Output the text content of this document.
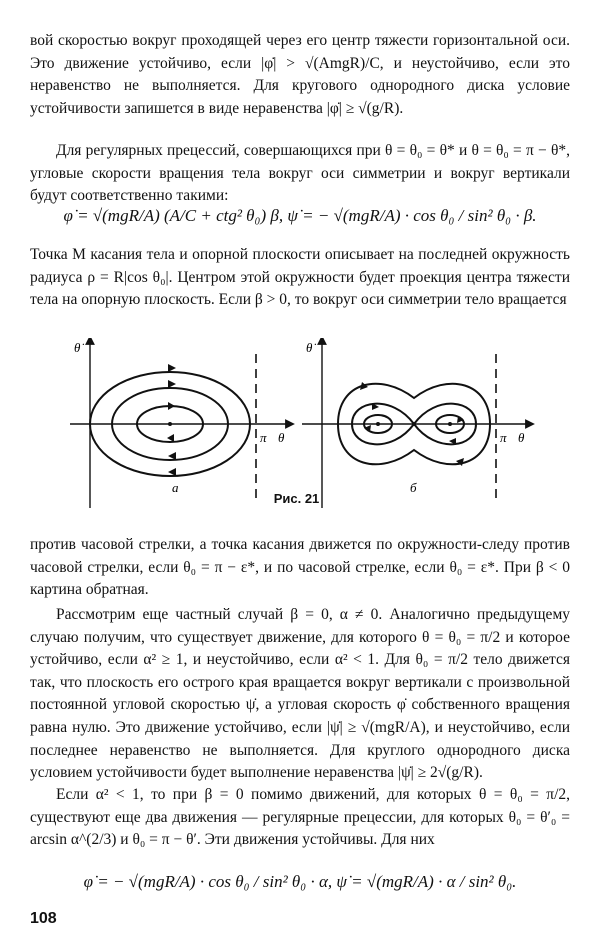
вой скоростью вокруг проходящей через его центр тяжести горизонтальной оси. Это движение устойчиво, если |φ̇| > √(AmgR)/C, и неустойчиво, если это неравенство не выполняется. Для кругового однородного диска условие устойчивости запишется в виде неравенства |φ̇| ≥ √(g/R).

Для регулярных прецессий, совершающихся при θ = θ₀ = θ* и θ = θ₀ = π − θ*, угловые скорости вращения тела вокруг оси симметрии и вокруг вертикали будут соответственно такими:

φ̇ = √(mgR/A) (A/C + ctg² θ₀) β, ψ̇ = − √(mgR/A) · cos θ₀ / sin² θ₀ · β.

Точка M касания тела и опорной плоскости описывает на последней окружность радиуса ρ = R|cos θ₀|. Центром этой окружности будет проекция центра тяжести тела на опорную плоскость. Если β > 0, то вокруг оси симметрии тело вращается

θ̇
π θ
а
θ̇
π θ
б
Рис. 21

против часовой стрелки, а точка касания движется по окружности-следу против часовой стрелки, если θ₀ = π − ε*, и по часовой стрелке, если θ₀ = ε*. При β < 0 картина обратная.

Рассмотрим еще частный случай β = 0, α ≠ 0. Аналогично предыдущему случаю получим, что существует движение, для которого θ = θ₀ = π/2 и которое устойчиво, если α² ≥ 1, и неустойчиво, если α² < 1. Для θ₀ = π/2 тело движется так, что плоскость его острого края вращается вокруг вертикали с произвольной постоянной угловой скоростью ψ̇, а угловая скорость φ̇ собственного вращения равна нулю. Это движение устойчиво, если |ψ̇| ≥ √(mgR/A), и неустойчиво, если последнее неравенство не выполняется. Для круглого однородного диска условием устойчивости будет выполнение неравенства |ψ̇| ≥ 2√(g/R).

Если α² < 1, то при β = 0 помимо движений, для которых θ = θ₀ = π/2, существуют еще два движения — регулярные прецессии, для которых θ₀ = θ′₀ = arcsin α^(2/3) и θ₀ = π − θ′. Эти движения устойчивы. Для них

φ̇ = − √(mgR/A) · cos θ₀ / sin² θ₀ · α, ψ̇ = √(mgR/A) · α / sin² θ₀.
108
